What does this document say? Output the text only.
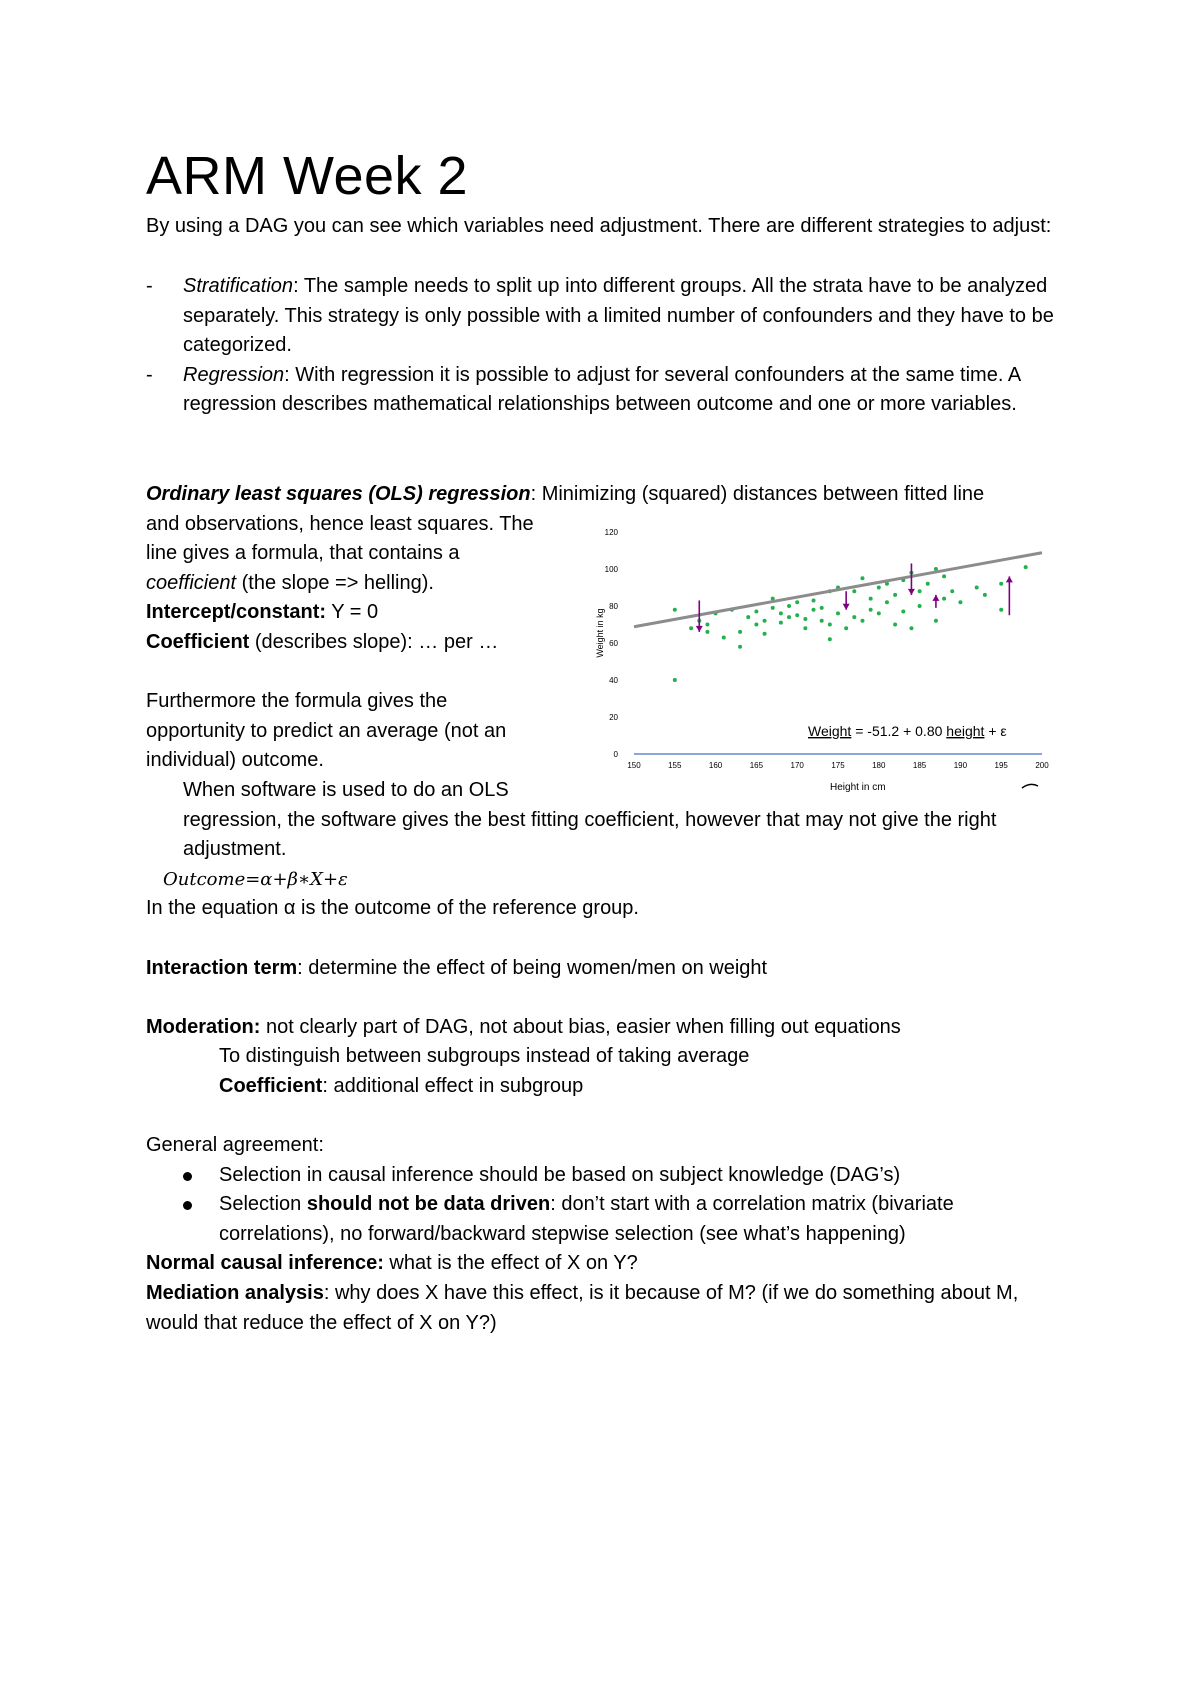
ARM Week 2

By using a DAG you can see which variables need adjustment. There are different strategies to adjust:

- Stratification: The sample needs to split up into different groups. All the strata have to be analyzed separately. This strategy is only possible with a limited number of confounders and they have to be categorized.
- Regression: With regression it is possible to adjust for several confounders at the same time. A regression describes mathematical relationships between outcome and one or more variables.

Ordinary least squares (OLS) regression: Minimizing (squared) distances between fitted line

and observations, hence least squares. The

line gives a formula, that contains a

coefficient (the slope => helling).

Intercept/constant: Y = 0

Coefficient (describes slope): … per …

Furthermore the formula gives the

opportunity to predict an average (not an

individual) outcome.

When software is used to do an OLS

regression, the software gives the best fitting coefficient, however that may not give the right adjustment.

Outcome=α+β∗X+ε

In the equation α is the outcome of the reference group.

Interaction term: determine the effect of being women/men on weight

Moderation: not clearly part of DAG, not about bias, easier when filling out equations

To distinguish between subgroups instead of taking average

Coefficient: additional effect in subgroup

General agreement:

Selection in causal inference should be based on subject knowledge (DAG’s)
Selection should not be data driven: don’t start with a correlation matrix (bivariate correlations), no forward/backward stepwise selection (see what’s happening)

Normal causal inference: what is the effect of X on Y?

Mediation analysis: why does X have this effect, is it because of M? (if we do something about M, would that reduce the effect of X on Y?)

0
20
40
60
80
100
120
150	155	160	165	170	175	180	185	190	195	200
Weight in kg
Height in cm
Weight = -51.2 + 0.80 height + ε
